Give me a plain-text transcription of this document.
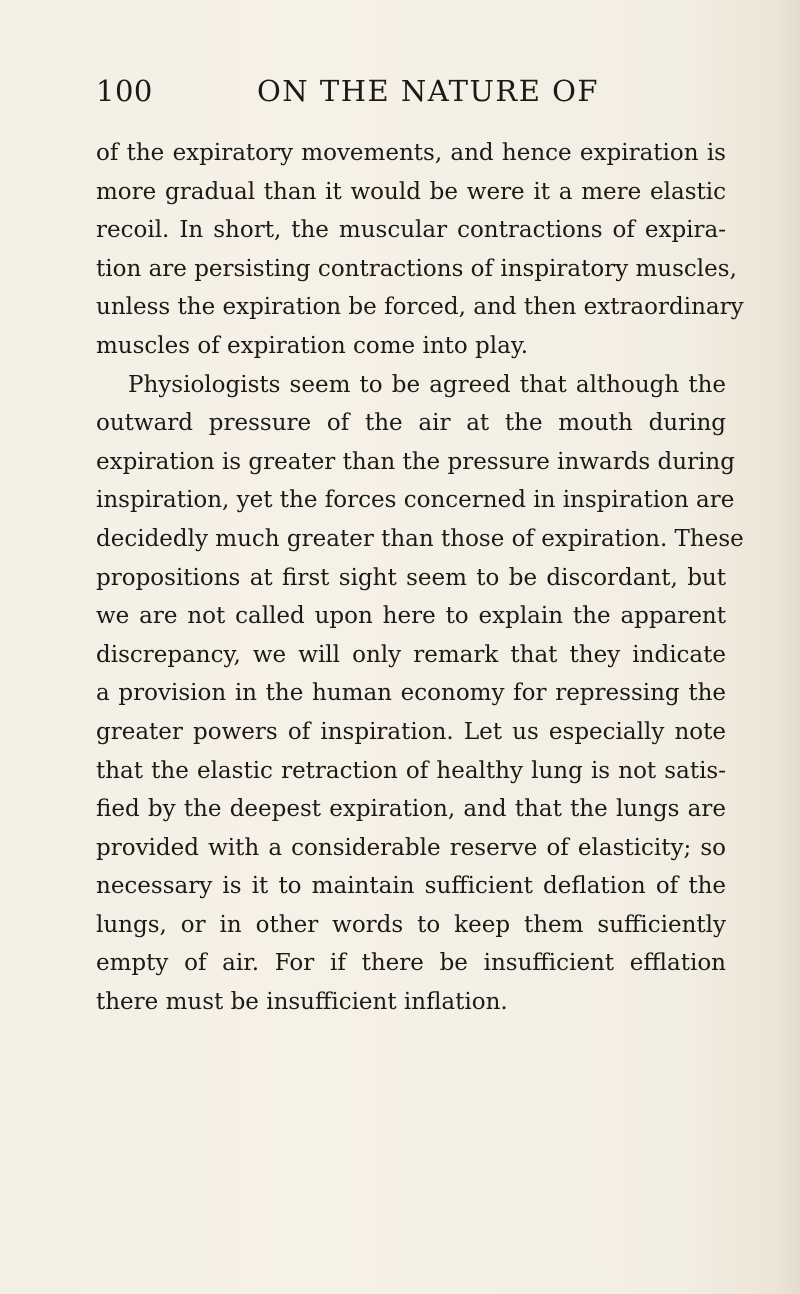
100	ON THE NATURE OF
of the expiratory movements, and hence expiration is
more gradual than it would be were it a mere elastic
recoil. In short, the muscular contractions of expira-
tion are persisting contractions of inspiratory muscles,
unless the expiration be forced, and then extraordinary
muscles of expiration come into play.
Physiologists seem to be agreed that although the
outward pressure of the air at the mouth during
expiration is greater than the pressure inwards during
inspiration, yet the forces concerned in inspiration are
decidedly much greater than those of expiration. These
propositions at first sight seem to be discordant, but
we are not called upon here to explain the apparent
discrepancy, we will only remark that they indicate
a provision in the human economy for repressing the
greater powers of inspiration. Let us especially note
that the elastic retraction of healthy lung is not satis-
fied by the deepest expiration, and that the lungs are
provided with a considerable reserve of elasticity; so
necessary is it to maintain sufficient deflation of the
lungs, or in other words to keep them sufficiently
empty of air. For if there be insufficient efflation
there must be insufficient inflation.
